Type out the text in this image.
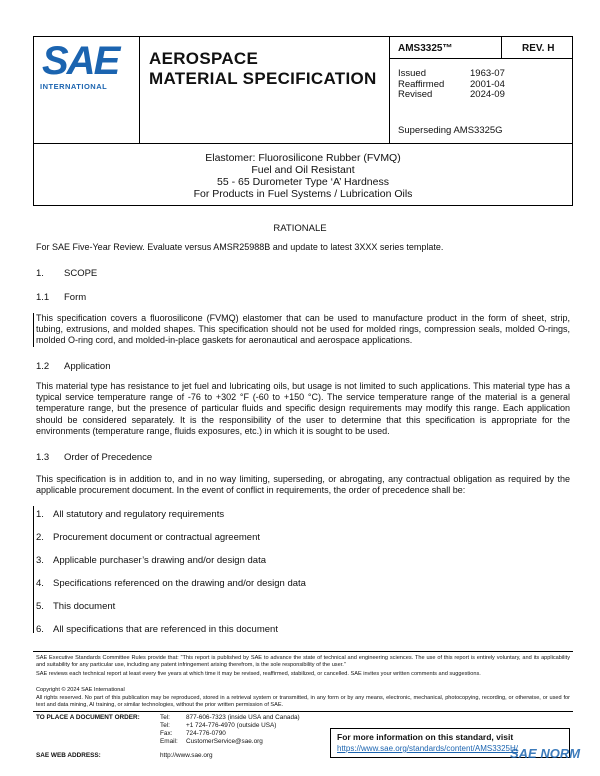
SAE
INTERNATIONAL
AEROSPACE
MATERIAL SPECIFICATION
AMS3325™	REV. H
Issued	1963-07
Reaffirmed	2001-04
Revised	2024-09
Superseding AMS3325G
Elastomer: Fluorosilicone Rubber (FVMQ)
Fuel and Oil Resistant
55 - 65 Durometer Type ‘A’ Hardness
For Products in Fuel Systems / Lubrication Oils
RATIONALE
For SAE Five-Year Review. Evaluate versus AMSR25988B and update to latest 3XXX series template.
1. SCOPE
1.1 Form
This specification covers a fluorosilicone (FVMQ) elastomer that can be used to manufacture product in the form of sheet, strip, tubing, extrusions, and molded shapes. This specification should not be used for molded rings, compression seals, molded O-rings, molded O-ring cord, and molded-in-place gaskets for aeronautical and aerospace applications.
1.2 Application
This material type has resistance to jet fuel and lubricating oils, but usage is not limited to such applications. This material type has a typical service temperature range of -76 to +302 °F (-60 to +150 °C). The service temperature range of the material is a general temperature range, but the presence of particular fluids and specific design requirements may modify this range. Each application should be considered separately. It is the responsibility of the user to determine that this specification is appropriate for the environments (temperature range, fluids exposures, etc.) in which it is sought to be used.
1.3 Order of Precedence
This specification is in addition to, and in no way limiting, superseding, or abrogating, any contractual obligation as required by the applicable procurement document. In the event of conflict in requirements, the order of precedence shall be:
1. All statutory and regulatory requirements
2. Procurement document or contractual agreement
3. Applicable purchaser’s drawing and/or design data
4. Specifications referenced on the drawing and/or design data
5. This document
6. All specifications that are referenced in this document
SAE Executive Standards Committee Rules provide that: “This report is published by SAE to advance the state of technical and engineering sciences. The use of this report is entirely voluntary, and its applicability and suitability for any particular use, including any patent infringement arising therefrom, is the sole responsibility of the user.”
SAE reviews each technical report at least every five years at which time it may be revised, reaffirmed, stabilized, or cancelled. SAE invites your written comments and suggestions.
Copyright © 2024 SAE International
All rights reserved. No part of this publication may be reproduced, stored in a retrieval system or transmitted, in any form or by any means, electronic, mechanical, photocopying, recording, or otherwise, or used for text and data mining, AI training, or similar technologies, without the prior written permission of SAE.
TO PLACE A DOCUMENT ORDER:	Tel:	877-606-7323 (inside USA and Canada)
Tel:	+1 724-776-4970 (outside USA)
Fax: 724-776-0790
Email: CustomerService@sae.org
SAE WEB ADDRESS:	http://www.sae.org
For more information on this standard, visit
https://www.sae.org/standards/content/AMS3325H/
SAE NORM
